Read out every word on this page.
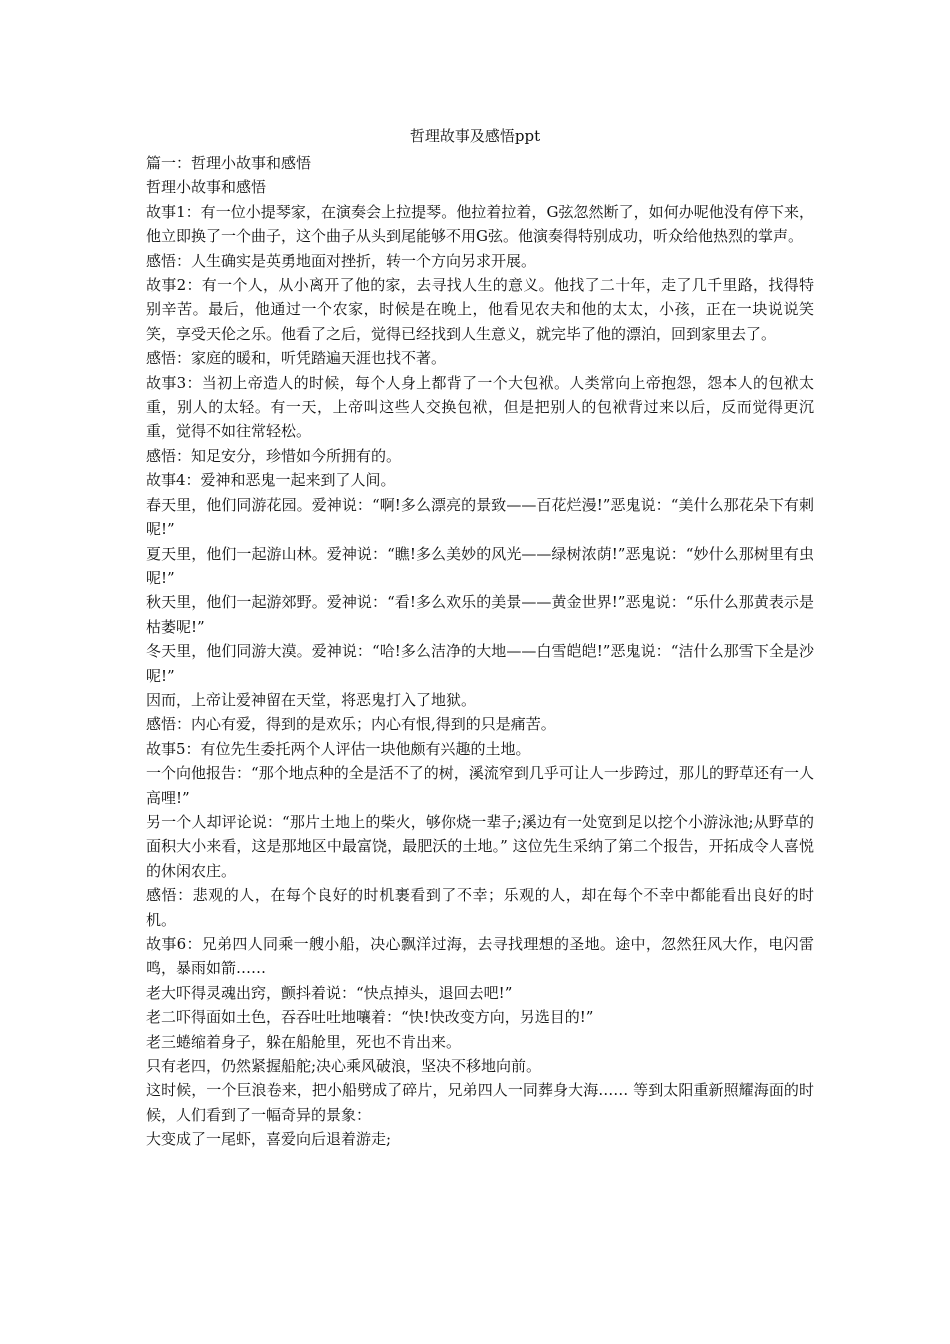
哲理故事及感悟ppt

篇一：哲理小故事和感悟

哲理小故事和感悟

故事1：有一位小提琴家，在演奏会上拉提琴。他拉着拉着，G弦忽然断了，如何办呢他没有停下来，他立即换了一个曲子，这个曲子从头到尾能够不用G弦。他演奏得特别成功，听众给他热烈的掌声。

感悟：人生确实是英勇地面对挫折，转一个方向另求开展。

故事2：有一个人，从小离开了他的家，去寻找人生的意义。他找了二十年，走了几千里路，找得特别辛苦。最后，他通过一个农家，时候是在晚上，他看见农夫和他的太太，小孩，正在一块说说笑笑，享受天伦之乐。他看了之后，觉得已经找到人生意义，就完毕了他的漂泊，回到家里去了。

感悟：家庭的暖和，听凭踏遍天涯也找不著。

故事3：当初上帝造人的时候，每个人身上都背了一个大包袱。人类常向上帝抱怨，怨本人的包袱太重，别人的太轻。有一天，上帝叫这些人交换包袱，但是把别人的包袱背过来以后，反而觉得更沉重，觉得不如往常轻松。

感悟：知足安分，珍惜如今所拥有的。

故事4：爱神和恶鬼一起来到了人间。

春天里，他们同游花园。爱神说：“啊!多么漂亮的景致——百花烂漫!”恶鬼说：“美什么那花朵下有刺呢!”

夏天里，他们一起游山林。爱神说：“瞧!多么美妙的风光——绿树浓荫!”恶鬼说：“妙什么那树里有虫呢!”

秋天里，他们一起游郊野。爱神说：“看!多么欢乐的美景——黄金世界!”恶鬼说：“乐什么那黄表示是枯萎呢!”

冬天里，他们同游大漠。爱神说：“哈!多么洁净的大地——白雪皑皑!”恶鬼说：“洁什么那雪下全是沙呢!”

因而，上帝让爱神留在天堂，将恶鬼打入了地狱。

感悟：内心有爱，得到的是欢乐；内心有恨,得到的只是痛苦。

故事5：有位先生委托两个人评估一块他颇有兴趣的土地。

一个向他报告：“那个地点种的全是活不了的树，溪流窄到几乎可让人一步跨过，那儿的野草还有一人高哩!”

另一个人却评论说：“那片土地上的柴火，够你烧一辈子;溪边有一处宽到足以挖个小游泳池;从野草的面积大小来看，这是那地区中最富饶，最肥沃的土地。” 这位先生采纳了第二个报告，开拓成令人喜悦的休闲农庄。

感悟：悲观的人，在每个良好的时机裹看到了不幸；乐观的人，却在每个不幸中都能看出良好的时机。

故事6：兄弟四人同乘一艘小船，决心飘洋过海，去寻找理想的圣地。途中，忽然狂风大作，电闪雷鸣，暴雨如箭……

老大吓得灵魂出窍，颤抖着说：“快点掉头，退回去吧!”

老二吓得面如土色，吞吞吐吐地嚷着：“快!快改变方向，另选目的!”

老三蜷缩着身子，躲在船舱里，死也不肯出来。

只有老四，仍然紧握船舵;决心乘风破浪，坚决不移地向前。

这时候，一个巨浪卷来，把小船劈成了碎片，兄弟四人一同葬身大海…… 等到太阳重新照耀海面的时候，人们看到了一幅奇异的景象：

大变成了一尾虾，喜爱向后退着游走;
